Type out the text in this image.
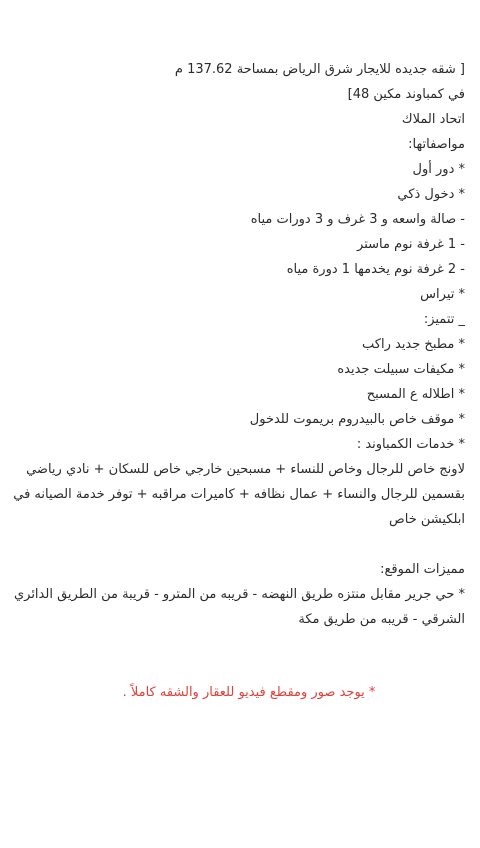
[ شقه جديده للايجار شرق الرياض بمساحة 137.62 م
في كمباوند مكين 48]
اتحاد الملاك
مواصفاتها:
* دور أول
* دخول ذكي
- صالة واسعه و 3 غرف و 3 دورات مياه
- 1 غرفة نوم ماستر
- 2 غرفة نوم يخدمها 1 دورة مياه
* تيراس
_ تتميز:
* مطبخ جديد راكب
* مكيفات سبيلت جديده
* اطلاله ع المسبح
* موقف خاص بالبيدروم بريموت للدخول
* خدمات الكمباوند :
لاونج خاص للرجال وخاص للنساء + مسبحين خارجي خاص للسكان + نادي رياضي بقسمين للرجال والنساء + عمال نظافه + كاميرات مراقبه + توفر خدمة الصيانه في ابلكيشن خاص
مميزات الموقع:
* حي جرير مقابل منتزه طريق النهضه - قريبه من المترو - قريبة من الطريق الدائري الشرقي - قريبه من طريق مكة
* يوجد صور ومقطع فيديو للعقار والشقه كاملاً .
